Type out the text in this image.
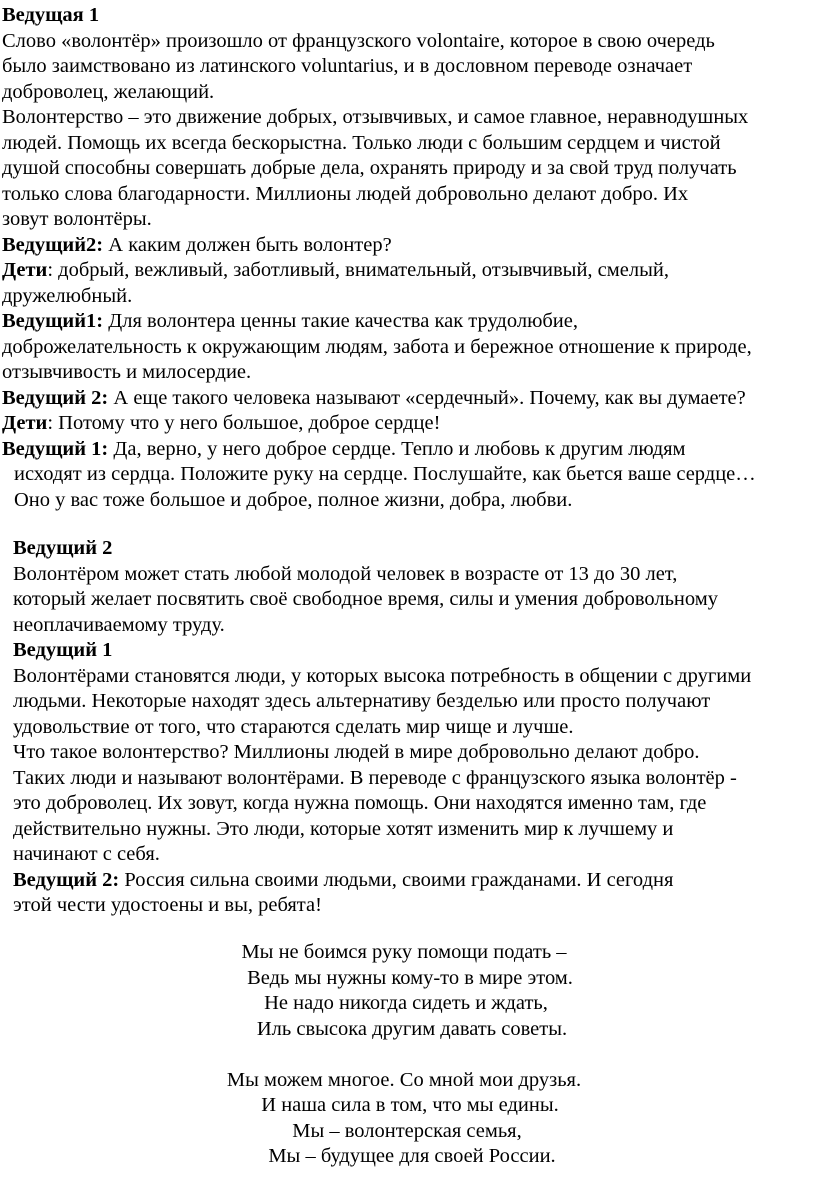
Ведущая 1
Слово «волонтёр» произошло от французского volontaire, которое в свою очередь
было заимствовано из латинского voluntarius, и в дословном переводе означает
доброволец, желающий.
Волонтерство – это движение добрых, отзывчивых, и самое главное, неравнодушных
людей. Помощь их всегда бескорыстна. Только люди с большим сердцем и чистой
душой способны совершать добрые дела, охранять природу и за свой труд получать
только слова благодарности. Миллионы людей добровольно делают добро. Их
зовут волонтёры.
Ведущий2: А каким должен быть волонтер?
Дети: добрый, вежливый, заботливый, внимательный, отзывчивый, смелый,
дружелюбный.
Ведущий1: Для волонтера ценны такие качества как трудолюбие,
доброжелательность к окружающим людям, забота и бережное отношение к природе,
отзывчивость и милосердие.
Ведущий 2: А еще такого человека называют «сердечный». Почему, как вы думаете?
Дети: Потому что у него большое, доброе сердце!
Ведущий 1: Да, верно, у него доброе сердце. Тепло и любовь к другим людям
исходят из сердца. Положите руку на сердце. Послушайте, как бьется ваше сердце…
Оно у вас тоже большое и доброе, полное жизни, добра, любви.
Ведущий 2
Волонтёром может стать любой молодой человек в возрасте от 13 до 30 лет,
который желает посвятить своё свободное время, силы и умения добровольному
неоплачиваемому труду.
Ведущий 1
Волонтёрами становятся люди, у которых высока потребность в общении с другими
людьми. Некоторые находят здесь альтернативу безделью или просто получают
удовольствие от того, что стараются сделать мир чище и лучше.
Что такое волонтерство? Миллионы людей в мире добровольно делают добро.
Таких люди и называют волонтёрами. В переводе с французского языка волонтёр -
это доброволец. Их зовут, когда нужна помощь. Они находятся именно там, где
действительно нужны. Это люди, которые хотят изменить мир к лучшему и
начинают с себя.
Ведущий 2: Россия сильна своими людьми, своими гражданами. И сегодня
этой чести удостоены и вы, ребята!
Мы не боимся руку помощи подать –
Ведь мы нужны кому-то в мире этом.
Не надо никогда сидеть и ждать,
Иль свысока другим давать советы.
Мы можем многое. Со мной мои друзья.
И наша сила в том, что мы едины.
Мы – волонтерская семья,
Мы – будущее для своей России.
